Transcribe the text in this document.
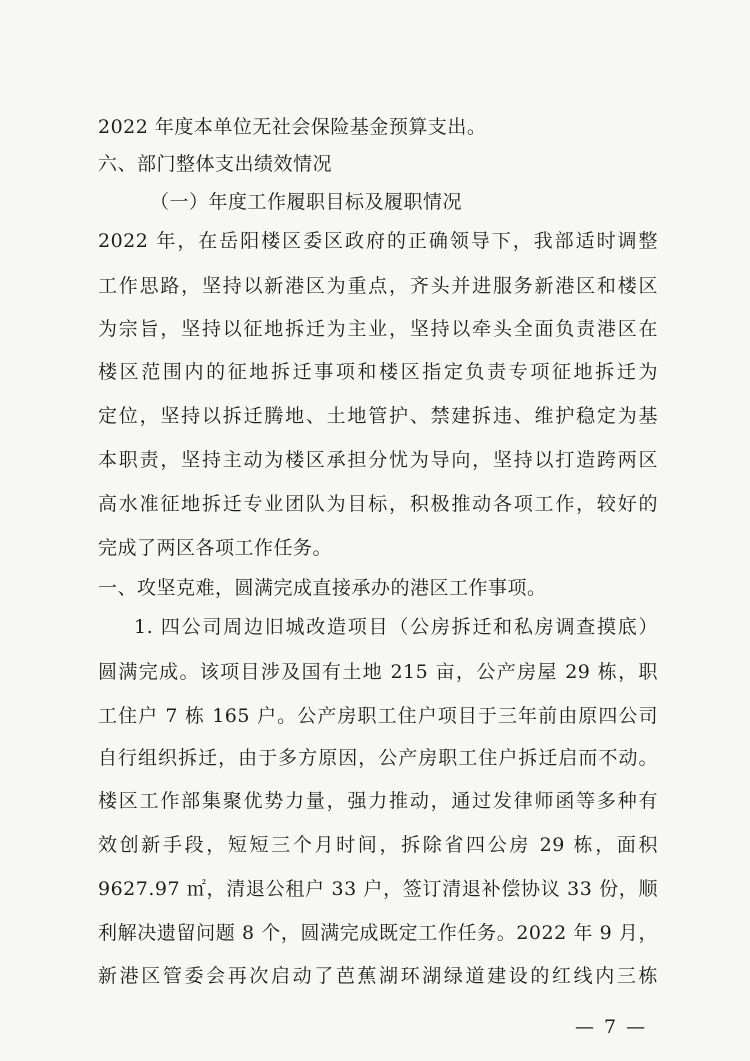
2022 年度本单位无社会保险基金预算支出。
六、部门整体支出绩效情况
（一）年度工作履职目标及履职情况
2022 年，在岳阳楼区委区政府的正确领导下，我部适时调整
工作思路，坚持以新港区为重点，齐头并进服务新港区和楼区
为宗旨，坚持以征地拆迁为主业，坚持以牵头全面负责港区在
楼区范围内的征地拆迁事项和楼区指定负责专项征地拆迁为
定位，坚持以拆迁腾地、土地管护、禁建拆违、维护稳定为基
本职责，坚持主动为楼区承担分忧为导向，坚持以打造跨两区
高水准征地拆迁专业团队为目标，积极推动各项工作，较好的
完成了两区各项工作任务。
一、攻坚克难，圆满完成直接承办的港区工作事项。
1. 四公司周边旧城改造项目（公房拆迁和私房调查摸底）
圆满完成。该项目涉及国有土地 215 亩，公产房屋 29 栋，职
工住户 7 栋 165 户。公产房职工住户项目于三年前由原四公司
自行组织拆迁，由于多方原因，公产房职工住户拆迁启而不动。
楼区工作部集聚优势力量，强力推动，通过发律师函等多种有
效创新手段，短短三个月时间，拆除省四公房 29 栋，面积
9627.97 ㎡，清退公租户 33 户，签订清退补偿协议 33 份，顺
利解决遗留问题 8 个，圆满完成既定工作任务。2022 年 9 月，
新港区管委会再次启动了芭蕉湖环湖绿道建设的红线内三栋
— 7 —
